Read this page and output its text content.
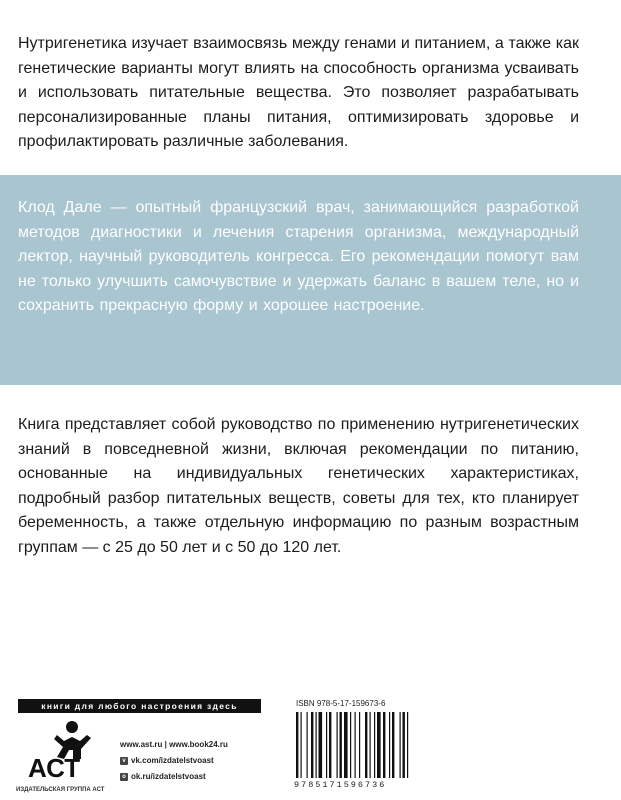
Нутригенетика изучает взаимосвязь между генами и питанием, а также как генетические варианты могут влиять на способность организма усваивать и использовать питательные вещества. Это позволяет разрабатывать персонализированные планы питания, оптимизировать здоровье и профилактировать различные заболевания.

Клод Дале — опытный французский врач, занимающийся разработкой методов диагностики и лечения старения организма, международный лектор, научный руководитель конгресса. Его рекомендации помогут вам не только улучшить самочувствие и удержать баланс в вашем теле, но и сохранить прекрасную форму и хорошее настроение.

Книга представляет собой руководство по применению нутригенетических знаний в повседневной жизни, включая рекомендации по питанию, основанные на индивидуальных генетических характеристиках, подробный разбор питательных веществ, советы для тех, кто планирует беременность, а также отдельную информацию по разным возрастным группам — с 25 до 50 лет и с 50 до 120 лет.

книги для любого настроения здесь
АСТ
ИЗДАТЕЛЬСКАЯ ГРУППА АСТ
www.ast.ru | www.book24.ru
v vk.com/izdatelstvoast
o ok.ru/izdatelstvoast
ISBN 978-5-17-159673-6
9785171596736
